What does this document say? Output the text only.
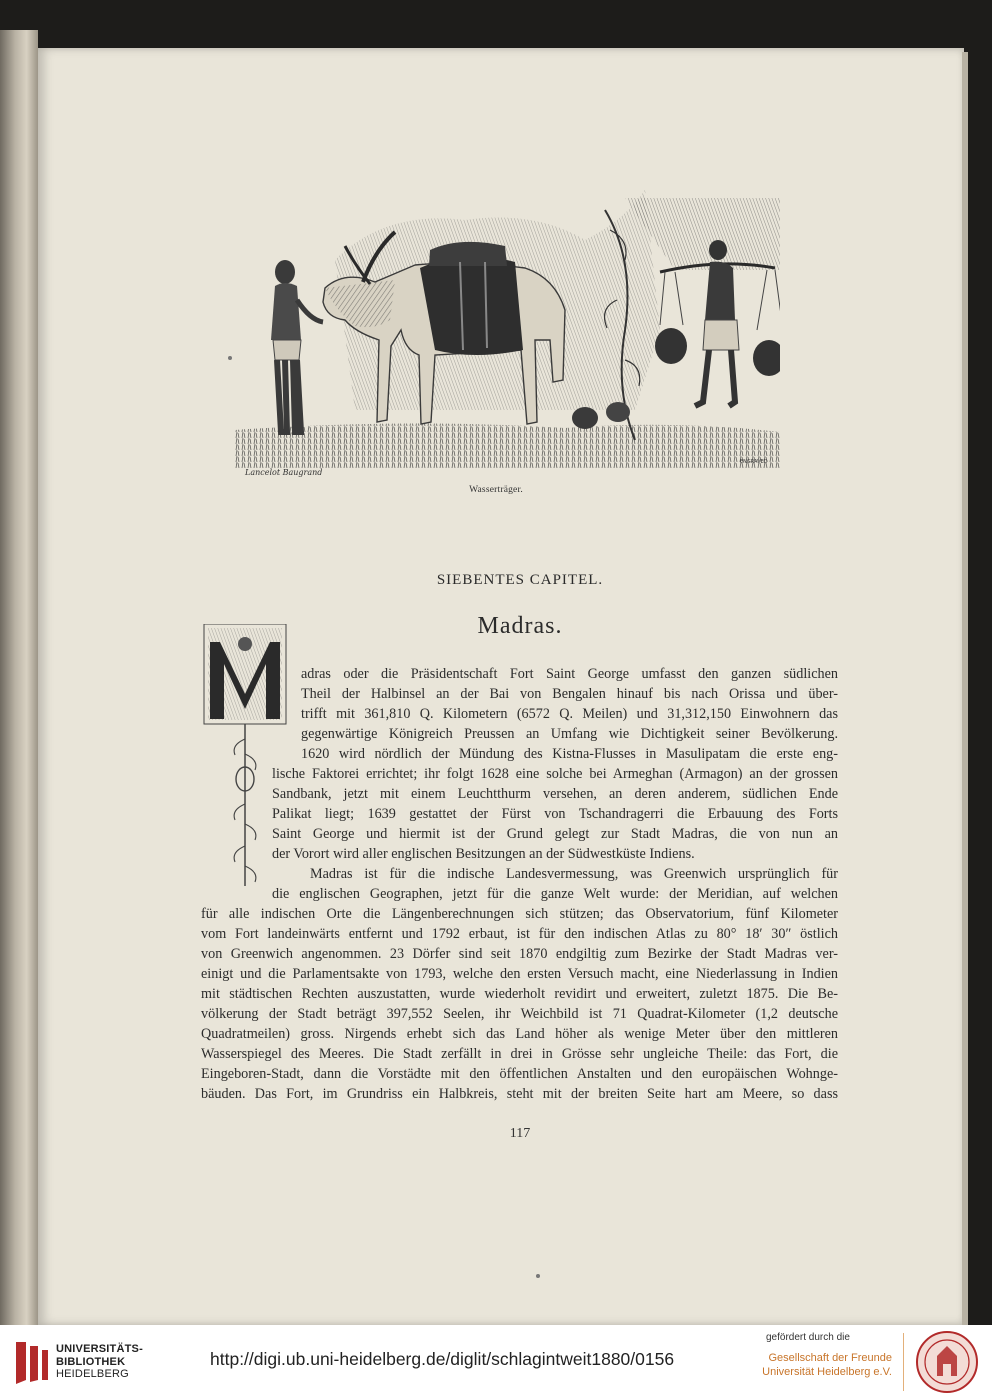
Lancelot Baugrand
ENGRAVED
Wasserträger.
SIEBENTES CAPITEL.
Madras.
adras oder die Präsidentschaft Fort Saint George umfasst den ganzen südlichen
Theil der Halbinsel an der Bai von Bengalen hinauf bis nach Orissa und über-
trifft mit 361,810 Q. Kilometern (6572 Q. Meilen) und 31,312,150 Einwohnern das
gegenwärtige Königreich Preussen an Umfang wie Dichtigkeit seiner Bevölkerung.
1620 wird nördlich der Mündung des Kistna-Flusses in Masulipatam die erste eng-
lische Faktorei errichtet; ihr folgt 1628 eine solche bei Armeghan (Armagon) an der grossen
Sandbank, jetzt mit einem Leuchtthurm versehen, an deren anderem, südlichen Ende
Palikat liegt; 1639 gestattet der Fürst von Tschandragerri die Erbauung des Forts
Saint George und hiermit ist der Grund gelegt zur Stadt Madras, die von nun an
der Vorort wird aller englischen Besitzungen an der Südwestküste Indiens.
Madras ist für die indische Landesvermessung, was Greenwich ursprünglich für
die englischen Geographen, jetzt für die ganze Welt wurde: der Meridian, auf welchen
für alle indischen Orte die Längenberechnungen sich stützen; das Observatorium, fünf Kilometer
vom Fort landeinwärts entfernt und 1792 erbaut, ist für den indischen Atlas zu 80° 18′ 30″ östlich
von Greenwich angenommen. 23 Dörfer sind seit 1870 endgiltig zum Bezirke der Stadt Madras ver-
einigt und die Parlamentsakte von 1793, welche den ersten Versuch macht, eine Niederlassung in Indien
mit städtischen Rechten auszustatten, wurde wiederholt revidirt und erweitert, zuletzt 1875. Die Be-
völkerung der Stadt beträgt 397,552 Seelen, ihr Weichbild ist 71 Quadrat-Kilometer (1,2 deutsche
Quadratmeilen) gross. Nirgends erhebt sich das Land höher als wenige Meter über den mittleren
Wasserspiegel des Meeres. Die Stadt zerfällt in drei in Grösse sehr ungleiche Theile: das Fort, die
Eingeboren-Stadt, dann die Vorstädte mit den öffentlichen Anstalten und den europäischen Wohnge-
bäuden. Das Fort, im Grundriss ein Halbkreis, steht mit der breiten Seite hart am Meere, so dass
117
UNIVERSITÄTS-
BIBLIOTHEK
HEIDELBERG
http://digi.ub.uni-heidelberg.de/diglit/schlagintweit1880/0156
gefördert durch die
Gesellschaft der Freunde
Universität Heidelberg e.V.
